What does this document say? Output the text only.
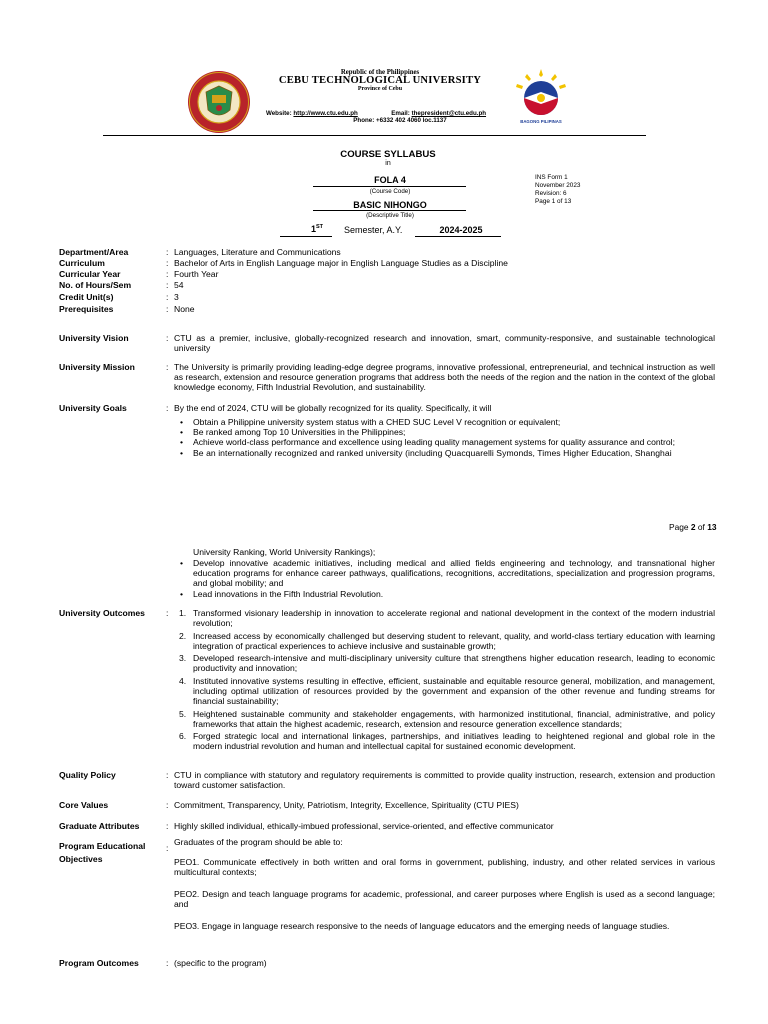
Republic of the Philippines
CEBU TECHNOLOGICAL UNIVERSITY
Province of Cebu
Website: http://www.ctu.edu.ph	Email: thepresident@ctu.edu.ph
Phone: +6332 402 4060 loc.1137	BAGONG PILIPINAS
COURSE SYLLABUS
in
FOLA 4
(Course Code)
BASIC NIHONGO
(Descriptive Title)
1ST Semester, A.Y.	2024-2025
INS Form 1
November 2023
Revision: 6
Page 1 of 13
Department/Area	: Languages, Literature and Communications
Curriculum	: Bachelor of Arts in English Language major in English Language Studies as a Discipline
Curricular Year	: Fourth Year
No. of Hours/Sem	: 54
Credit Unit(s)	: 3
Prerequisites	: None
University Vision	: CTU as a premier, inclusive, globally-recognized research and innovation, smart, community-responsive, and sustainable technological university
University Mission	: The University is primarily providing leading-edge degree programs, innovative professional, entrepreneurial, and technical instruction as well as research, extension and resource generation programs that address both the needs of the region and the nation in the context of the global knowledge economy, Fifth Industrial Revolution, and sustainability.
University Goals	: By the end of 2024, CTU will be globally recognized for its quality. Specifically, it will
• Obtain a Philippine university system status with a CHED SUC Level V recognition or equivalent;
• Be ranked among Top 10 Universities in the Philippines;
• Achieve world-class performance and excellence using leading quality management systems for quality assurance and control;
• Be an internationally recognized and ranked university (including Quacquarelli Symonds, Times Higher Education, Shanghai
Page 2 of 13
University Ranking, World University Rankings);
• Develop innovative academic initiatives, including medical and allied fields engineering and technology, and transnational higher education programs for enhance career pathways, qualifications, recognitions, accreditations, specialization and progression programs, and global mobility; and
• Lead innovations in the Fifth Industrial Revolution.
University Outcomes : 1. Transformed visionary leadership in innovation to accelerate regional and national development in the context of the modern industrial revolution;
2. Increased access by economically challenged but deserving student to relevant, quality, and world-class tertiary education with learning integration of practical experiences to achieve inclusive and sustainable growth;
3. Developed research-intensive and multi-disciplinary university culture that strengthens higher education research, leading to economic productivity and innovation;
4. Instituted innovative systems resulting in effective, efficient, sustainable and equitable resource general, mobilization, and management, including optimal utilization of resources provided by the government and expansion of the other revenue and funding streams for financial sustainability;
5. Heightened sustainable community and stakeholder engagements, with harmonized institutional, financial, administrative, and policy frameworks that attain the highest academic, research, extension and resource generation excellence standards;
6. Forged strategic local and international linkages, partnerships, and initiatives leading to heightened regional and global role in the modern industrial revolution and human and intellectual capital for sustained economic development.
Quality Policy	: CTU in compliance with statutory and regulatory requirements is committed to provide quality instruction, research, extension and production toward customer satisfaction.
Core Values	: Commitment, Transparency, Unity, Patriotism, Integrity, Excellence, Spirituality (CTU PIES)
Graduate Attributes	: Highly skilled individual, ethically-imbued professional, service-oriented, and effective communicator
Program Educational
Objectives
:
Graduates of the program should be able to:
PEO1. Communicate effectively in both written and oral forms in government, publishing, industry, and other related services in various multicultural contexts;
PEO2. Design and teach language programs for academic, professional, and career purposes where English is used as a second language; and
PEO3. Engage in language research responsive to the needs of language educators and the emerging needs of language studies.
Program Outcomes	: (specific to the program)
